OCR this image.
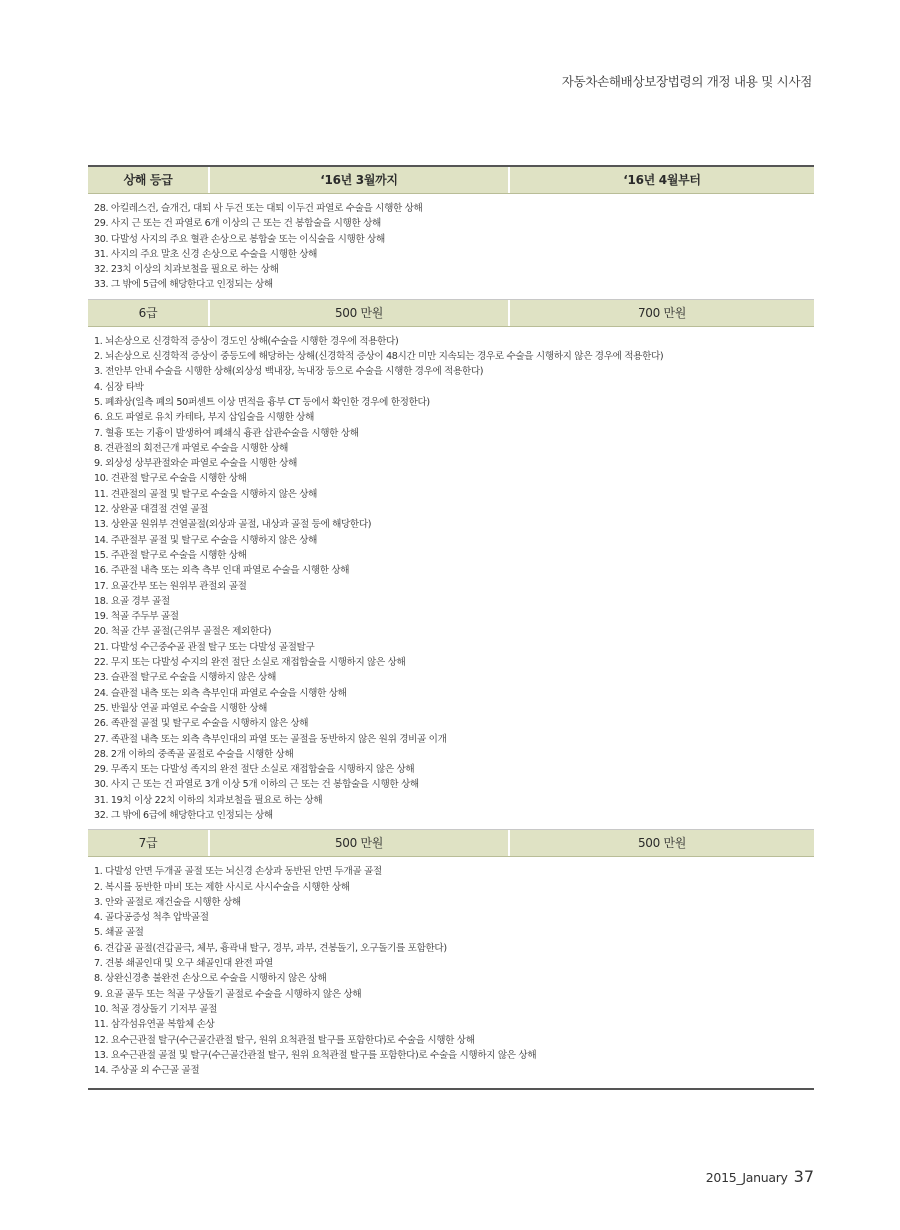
자동차손해배상보장법령의 개정 내용 및 시사점
상해 등급	‘16년 3월까지	‘16년 4월부터
28. 아킬레스건, 슬개건, 대퇴 사 두건 또는 대퇴 이두건 파열로 수술을 시행한 상해
29. 사지 근 또는 건 파열로 6개 이상의 근 또는 건 봉합술을 시행한 상해
30. 다발성 사지의 주요 혈관 손상으로 봉합술 또는 이식술을 시행한 상해
31. 사지의 주요 말초 신경 손상으로 수술을 시행한 상해
32. 23치 이상의 치과보철을 필요로 하는 상해
33. 그 밖에 5급에 해당한다고 인정되는 상해
6급	500 만원	700 만원
1. 뇌손상으로 신경학적 증상이 경도인 상해(수술을 시행한 경우에 적용한다)
2. 뇌손상으로 신경학적 증상이 중등도에 해당하는 상해(신경학적 증상이 48시간 미만 지속되는 경우로 수술을 시행하지 않은 경우에 적용한다)
3. 전안부 안내 수술을 시행한 상해(외상성 백내장, 녹내장 등으로 수술을 시행한 경우에 적용한다)
4. 심장 타박
5. 폐좌상(일측 폐의 50퍼센트 이상 면적을 흉부 CT 등에서 확인한 경우에 한정한다)
6. 요도 파열로 유치 카테타, 부지 삽입술을 시행한 상해
7. 혈흉 또는 기흉이 발생하여 폐쇄식 흉관 삽관수술을 시행한 상해
8. 견관절의 회전근개 파열로 수술을 시행한 상해
9. 외상성 상부관절와순 파열로 수술을 시행한 상해
10. 견관절 탈구로 수술을 시행한 상해
11. 견관절의 골절 및 탈구로 수술을 시행하지 않은 상해
12. 상완골 대결절 견열 골절
13. 상완골 원위부 견열골절(외상과 골절, 내상과 골절 등에 해당한다)
14. 주관절부 골절 및 탈구로 수술을 시행하지 않은 상해
15. 주관절 탈구로 수술을 시행한 상해
16. 주관절 내측 또는 외측 측부 인대 파열로 수술을 시행한 상해
17. 요골간부 또는 원위부 관절외 골절
18. 요골 경부 골절
19. 척골 주두부 골절
20. 척골 간부 골절(근위부 골절은 제외한다)
21. 다발성 수근중수골 관절 탈구 또는 다발성 골절탈구
22. 무지 또는 다발성 수지의 완전 절단 소실로 재접합술을 시행하지 않은 상해
23. 슬관절 탈구로 수술을 시행하지 않은 상해
24. 슬관절 내측 또는 외측 측부인대 파열로 수술을 시행한 상해
25. 반월상 연골 파열로 수술을 시행한 상해
26. 족관절 골절 및 탈구로 수술을 시행하지 않은 상해
27. 족관절 내측 또는 외측 측부인대의 파열 또는 골절을 동반하지 않은 원위 경비골 이개
28. 2개 이하의 중족골 골절로 수술을 시행한 상해
29. 무족지 또는 다발성 족지의 완전 절단 소실로 재접합술을 시행하지 않은 상해
30. 사지 근 또는 건 파열로 3개 이상 5개 이하의 근 또는 건 봉합술을 시행한 상해
31. 19치 이상 22치 이하의 치과보철을 필요로 하는 상해
32. 그 밖에 6급에 해당한다고 인정되는 상해
7급	500 만원	500 만원
1. 다발성 안면 두개골 골절 또는 뇌신경 손상과 동반된 안면 두개골 골절
2. 복시를 동반한 마비 또는 제한 사시로 사시수술을 시행한 상해
3. 안와 골절로 재건술을 시행한 상해
4. 골다공증성 척추 압박골절
5. 쇄골 골절
6. 견갑골 골절(견갑골극, 체부, 흉곽내 탈구, 경부, 과부, 견봉돌기, 오구돌기를 포함한다)
7. 견봉 쇄골인대 및 오구 쇄골인대 완전 파열
8. 상완신경총 불완전 손상으로 수술을 시행하지 않은 상해
9. 요골 골두 또는 척골 구상돌기 골절로 수술을 시행하지 않은 상해
10. 척골 경상돌기 기저부 골절
11. 삼각섬유연골 복합체 손상
12. 요수근관절 탈구(수근골간관절 탈구, 원위 요척관절 탈구를 포함한다)로 수술을 시행한 상해
13. 요수근관절 골절 및 탈구(수근골간관절 탈구, 원위 요척관절 탈구를 포함한다)로 수술을 시행하지 않은 상해
14. 주상골 외 수근골 골절
2015_January 37
